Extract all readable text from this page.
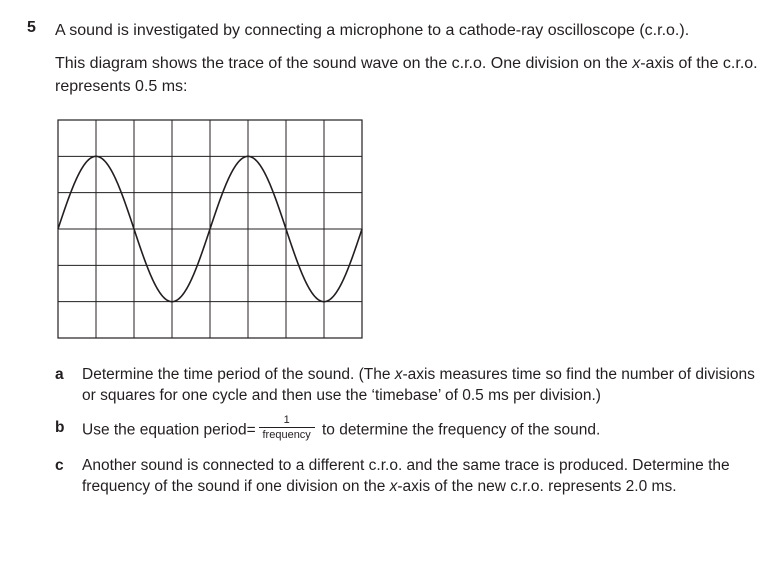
5 A sound is investigated by connecting a microphone to a cathode-ray oscilloscope (c.r.o.).

This diagram shows the trace of the sound wave on the c.r.o. One division on the x-axis of the c.r.o. represents 0.5 ms:

a Determine the time period of the sound. (The x-axis measures time so find the number of divisions or squares for one cycle and then use the ‘timebase’ of 0.5 ms per division.)
b Use the equation period= $\frac{1}{\text{frequency}}$ to determine the frequency of the sound.
c Another sound is connected to a different c.r.o. and the same trace is produced. Determine the frequency of the sound if one division on the x-axis of the new c.r.o. represents 2.0 ms.
